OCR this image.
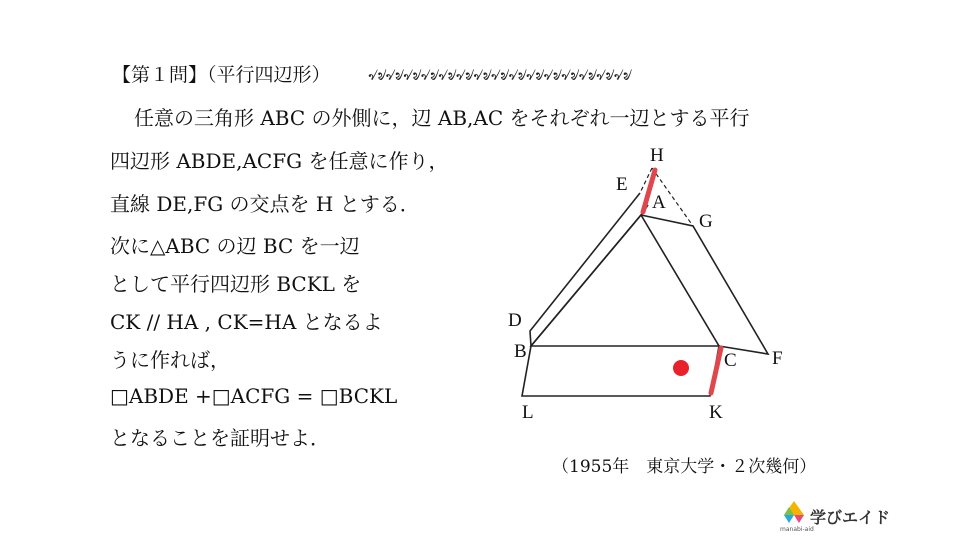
【第１問】（平行四辺形） ৵৶৵৶৵৶৵৶৵৶৵৶৵৶৵৶৵৶৵৶৵৶৵৶৵৶৵৶৵৶
任意の三角形 ABC の外側に，辺 AB,AC をそれぞれ一辺とする平行
四辺形 ABDE,ACFG を任意に作り，
直線 DE,FG の交点を H とする．
次に△ABC の辺 BC を一辺
として平行四辺形 BCKL を
CK // HA , CK=HA となるよ
うに作れば，
□ABDE +□ACFG = □BCKL
となることを証明せよ．
H
E
A
G
D
B	C F
L	K
（1955年　東京大学・２次幾何）
学びエイド
manabi-aid
